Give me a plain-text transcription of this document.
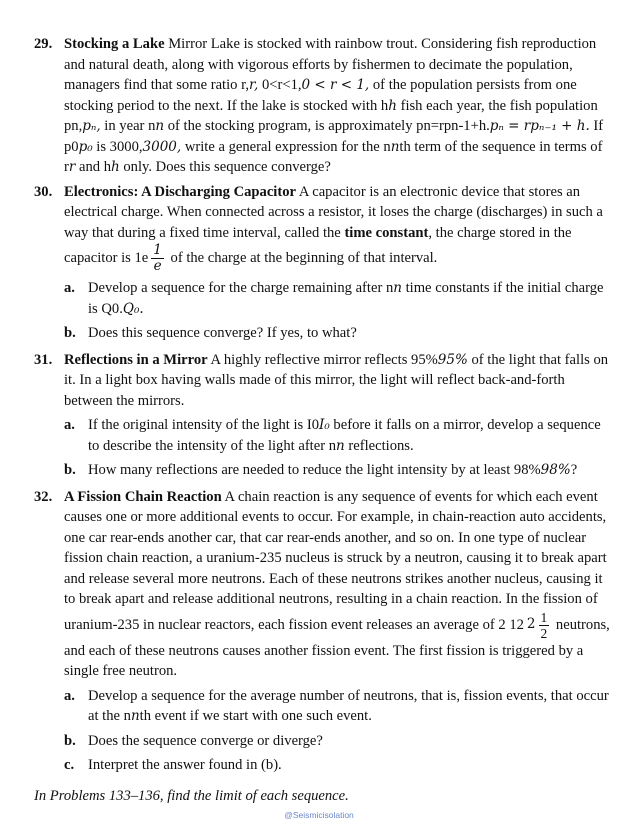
29. Stocking a Lake Mirror Lake is stocked with rainbow trout. Considering fish reproduction and natural death, along with vigorous efforts by fishermen to decimate the population, managers find that some ratio r,r, 0<r<1,0 < r < 1, of the population persists from one stocking period to the next. If the lake is stocked with hh fish each year, the fish population pn,pₙ, in year nn of the stocking program, is approximately pn=rpn-1+h.pₙ = rpₙ₋₁ + h. If p0p₀ is 3000,3000, write a general expression for the nnth term of the sequence in terms of rr and hh only. Does this sequence converge?
30. Electronics: A Discharging Capacitor A capacitor is an electronic device that stores an electrical charge. When connected across a resistor, it loses the charge (discharges) in such a way that during a fixed time interval, called the time constant, the charge stored in the capacitor is $1e \frac{1}{e}$ of the charge at the beginning of that interval.
a. Develop a sequence for the charge remaining after nn time constants if the initial charge is Q0.Q₀.
b. Does this sequence converge? If yes, to what?
31. Reflections in a Mirror A highly reflective mirror reflects 95%95% of the light that falls on it. In a light box having walls made of this mirror, the light will reflect back-and-forth between the mirrors.
a. If the original intensity of the light is I0I₀ before it falls on a mirror, develop a sequence to describe the intensity of the light after nn reflections.
b. How many reflections are needed to reduce the light intensity by at least 98%98%?
32. A Fission Chain Reaction A chain reaction is any sequence of events for which each event causes one or more additional events to occur. For example, in chain-reaction auto accidents, one car rear-ends another car, that car rear-ends another, and so on. In one type of nuclear fission chain reaction, a uranium-235 nucleus is struck by a neutron, causing it to break apart and release several more neutrons. Each of these neutrons strikes another nucleus, causing it to break apart and release additional neutrons, resulting in a chain reaction. In the fission of uranium-235 in nuclear reactors, each fission event releases an average of 2 12 $2 \frac{1}{2}$ neutrons, and each of these neutrons causes another fission event. The first fission is triggered by a single free neutron.
a. Develop a sequence for the average number of neutrons, that is, fission events, that occur at the nnth event if we start with one such event.
b. Does the sequence converge or diverge?
c. Interpret the answer found in (b).
In Problems 133–136, find the limit of each sequence.
@Seismicisolation
